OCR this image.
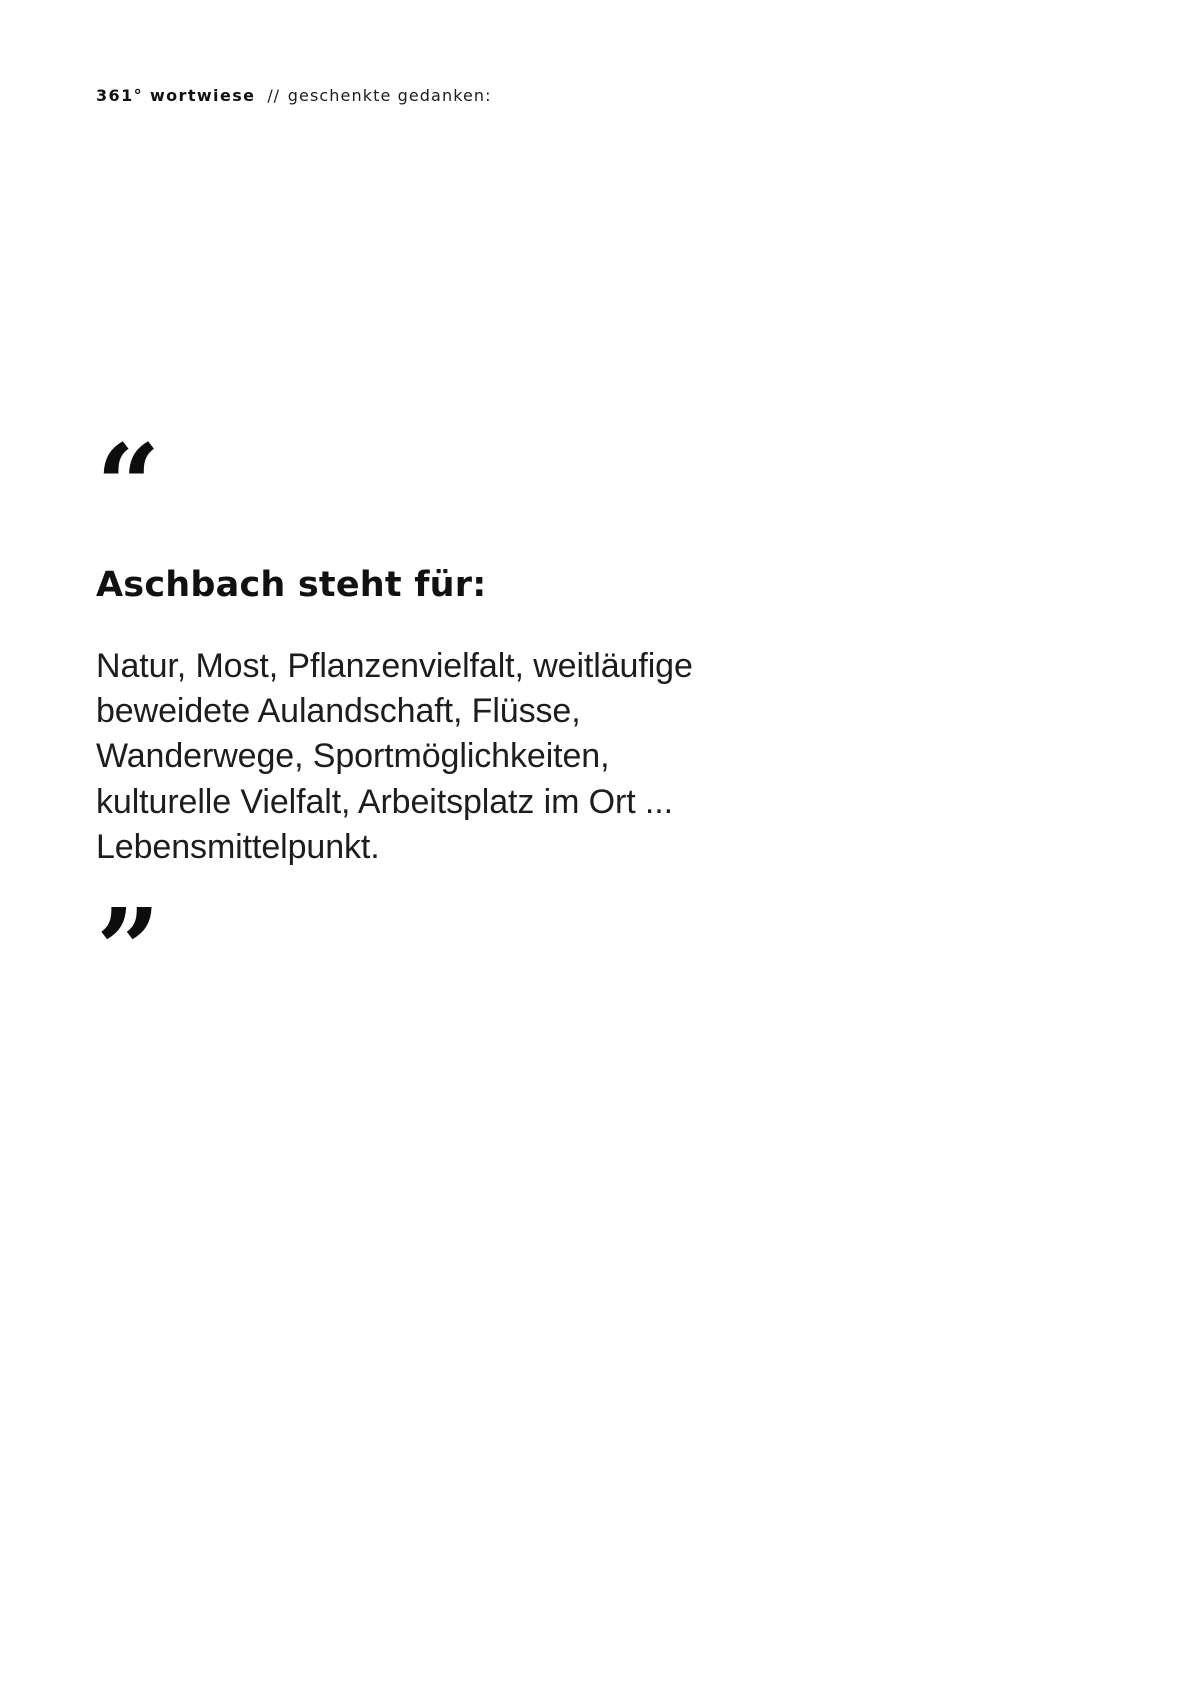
361° wortwiese // geschenkte gedanken:
“
Aschbach steht für:

Natur, Most, Pflanzenvielfalt, weitläufige
beweidete Aulandschaft, Flüsse,
Wanderwege, Sportmöglichkeiten,
kulturelle Vielfalt, Arbeitsplatz im Ort ...
Lebensmittelpunkt.

”
